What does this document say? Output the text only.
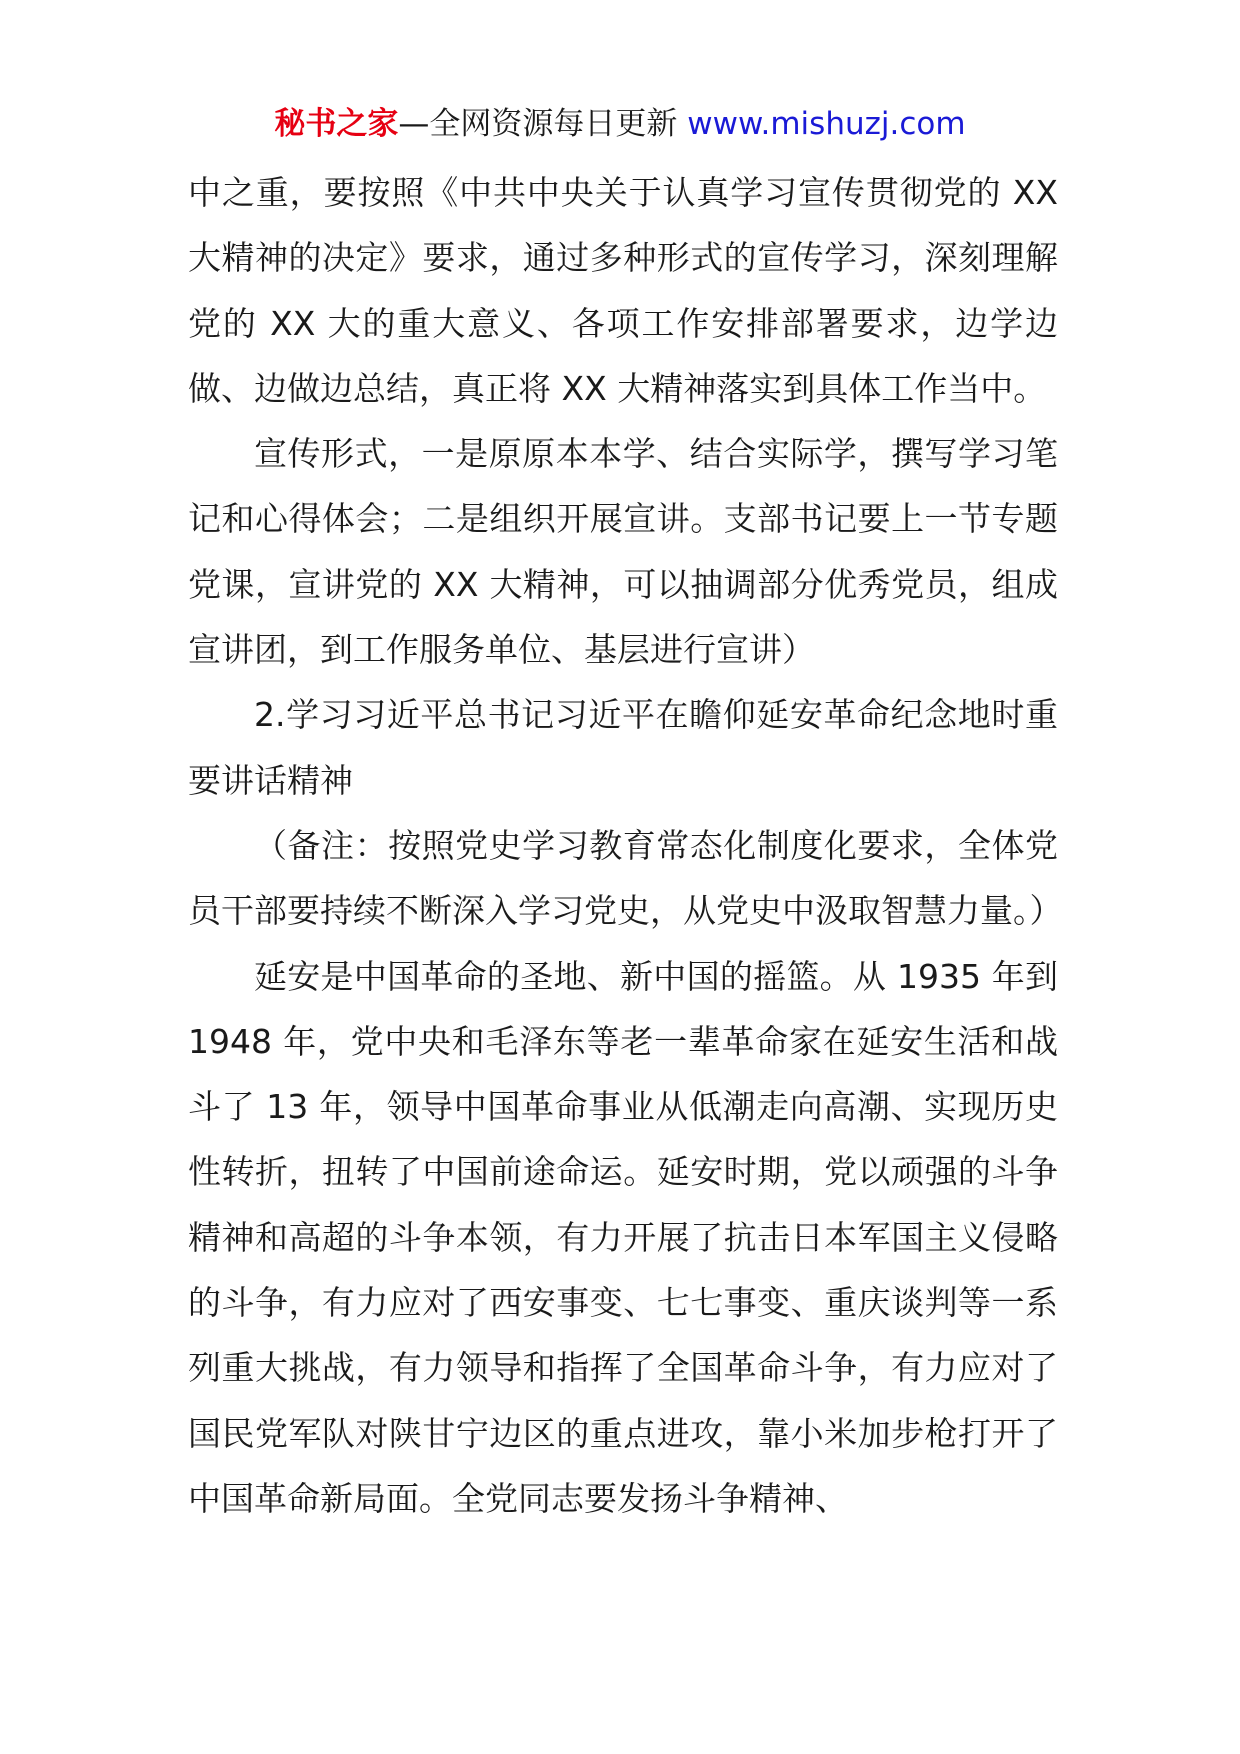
秘书之家—全网资源每日更新 www.mishuzj.com

中之重，要按照《中共中央关于认真学习宣传贯彻党的 XX 大精神的决定》要求，通过多种形式的宣传学习，深刻理解党的 XX 大的重大意义、各项工作安排部署要求，边学边做、边做边总结，真正将 XX 大精神落实到具体工作当中。

宣传形式，一是原原本本学、结合实际学，撰写学习笔记和心得体会；二是组织开展宣讲。支部书记要上一节专题党课，宣讲党的 XX 大精神，可以抽调部分优秀党员，组成宣讲团，到工作服务单位、基层进行宣讲）

2.学习习近平总书记习近平在瞻仰延安革命纪念地时重要讲话精神

（备注：按照党史学习教育常态化制度化要求，全体党员干部要持续不断深入学习党史，从党史中汲取智慧力量。）

延安是中国革命的圣地、新中国的摇篮。从 1935 年到 1948 年，党中央和毛泽东等老一辈革命家在延安生活和战斗了 13 年，领导中国革命事业从低潮走向高潮、实现历史性转折，扭转了中国前途命运。延安时期，党以顽强的斗争精神和高超的斗争本领，有力开展了抗击日本军国主义侵略的斗争，有力应对了西安事变、七七事变、重庆谈判等一系列重大挑战，有力领导和指挥了全国革命斗争，有力应对了国民党军队对陕甘宁边区的重点进攻，靠小米加步枪打开了中国革命新局面。全党同志要发扬斗争精神、
